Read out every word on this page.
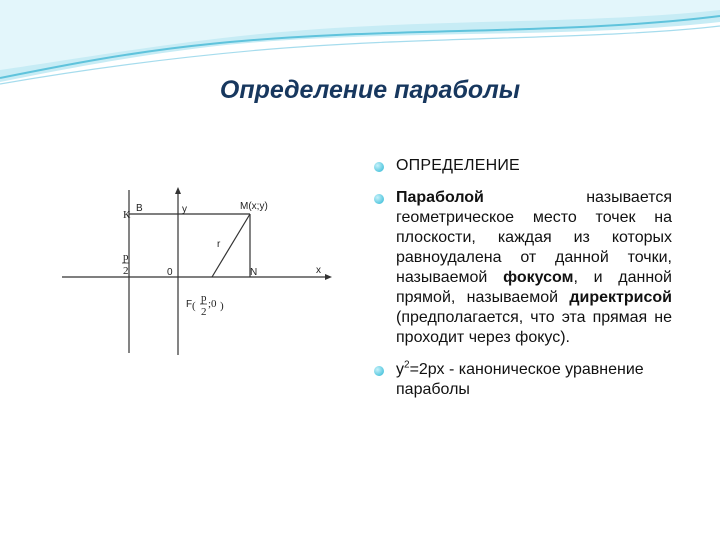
Определение параболы
К
B	y	M(x;y)
r
p
2	0	N	x
F (
p
2
;0 )
ОПРЕДЕЛЕНИЕ
Параболой называется геометрическое место точек на плоскости, каждая из которых равноудалена от данной точки, называемой фокусом, и данной прямой, называемой директрисой (предполагается, что эта прямая не проходит через фокус).
$у^2=2рх$ - каноническое уравнение параболы
